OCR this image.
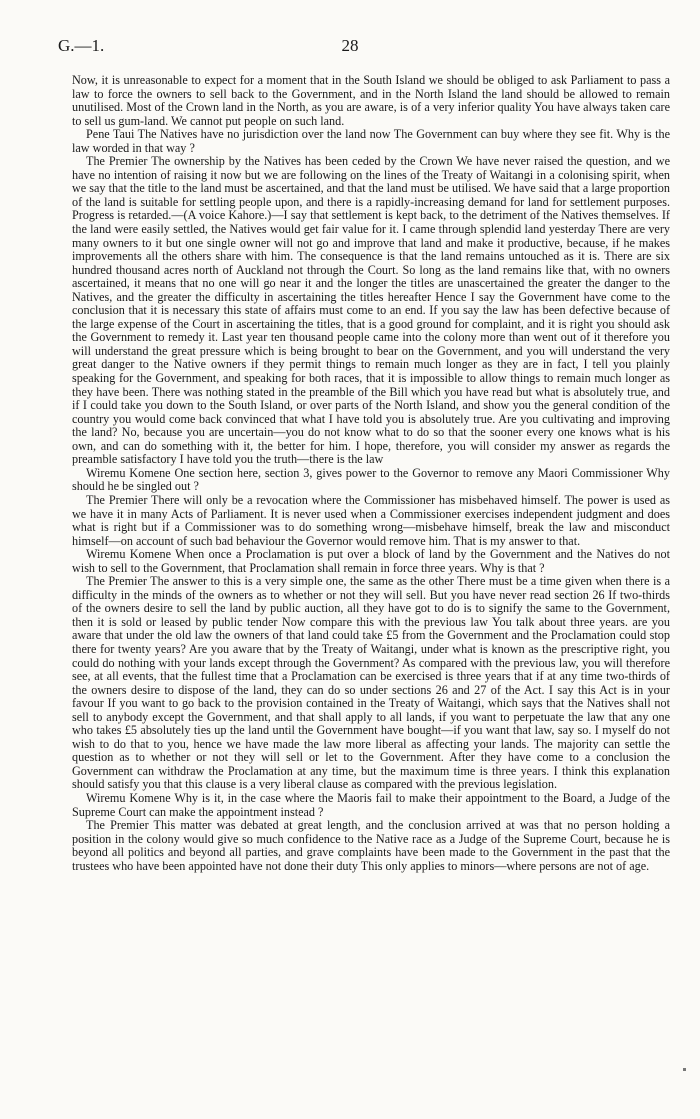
G.—1.	28

Now, it is unreasonable to expect for a moment that in the South Island we should be obliged to ask Parliament to pass a law to force the owners to sell back to the Government, and in the North Island the land should be allowed to remain unutilised. Most of the Crown land in the North, as you are aware, is of a very inferior quality You have always taken care to sell us gum-land. We cannot put people on such land.

Pene Taui The Natives have no jurisdiction over the land now The Government can buy where they see fit. Why is the law worded in that way ?

The Premier The ownership by the Natives has been ceded by the Crown We have never raised the question, and we have no intention of raising it now but we are following on the lines of the Treaty of Waitangi in a colonising spirit, when we say that the title to the land must be ascertained, and that the land must be utilised. We have said that a large proportion of the land is suitable for settling people upon, and there is a rapidly-increasing demand for land for settlement purposes. Progress is retarded.—(A voice Kahore.)—I say that settlement is kept back, to the detriment of the Natives themselves. If the land were easily settled, the Natives would get fair value for it. I came through splendid land yesterday There are very many owners to it but one single owner will not go and improve that land and make it productive, because, if he makes improvements all the others share with him. The consequence is that the land remains untouched as it is. There are six hundred thousand acres north of Auckland not through the Court. So long as the land remains like that, with no owners ascertained, it means that no one will go near it and the longer the titles are unascertained the greater the danger to the Natives, and the greater the difficulty in ascertaining the titles hereafter Hence I say the Government have come to the conclusion that it is necessary this state of affairs must come to an end. If you say the law has been defective because of the large expense of the Court in ascertaining the titles, that is a good ground for complaint, and it is right you should ask the Government to remedy it. Last year ten thousand people came into the colony more than went out of it therefore you will understand the great pressure which is being brought to bear on the Government, and you will understand the very great danger to the Native owners if they permit things to remain much longer as they are in fact, I tell you plainly speaking for the Government, and speaking for both races, that it is impossible to allow things to remain much longer as they have been. There was nothing stated in the preamble of the Bill which you have read but what is absolutely true, and if I could take you down to the South Island, or over parts of the North Island, and show you the general condition of the country you would come back convinced that what I have told you is absolutely true. Are you cultivating and improving the land? No, because you are uncertain—you do not know what to do so that the sooner every one knows what is his own, and can do something with it, the better for him. I hope, therefore, you will consider my answer as regards the preamble satisfactory I have told you the truth—there is the law

Wiremu Komene One section here, section 3, gives power to the Governor to remove any Maori Commissioner Why should he be singled out ?

The Premier There will only be a revocation where the Commissioner has misbehaved himself. The power is used as we have it in many Acts of Parliament. It is never used when a Commissioner exercises independent judgment and does what is right but if a Commissioner was to do something wrong—misbehave himself, break the law and misconduct himself—on account of such bad behaviour the Governor would remove him. That is my answer to that.

Wiremu Komene When once a Proclamation is put over a block of land by the Government and the Natives do not wish to sell to the Government, that Proclamation shall remain in force three years. Why is that ?

The Premier The answer to this is a very simple one, the same as the other There must be a time given when there is a difficulty in the minds of the owners as to whether or not they will sell. But you have never read section 26 If two-thirds of the owners desire to sell the land by public auction, all they have got to do is to signify the same to the Government, then it is sold or leased by public tender Now compare this with the previous law You talk about three years. are you aware that under the old law the owners of that land could take £5 from the Government and the Proclamation could stop there for twenty years? Are you aware that by the Treaty of Waitangi, under what is known as the prescriptive right, you could do nothing with your lands except through the Government? As compared with the previous law, you will therefore see, at all events, that the fullest time that a Proclamation can be exercised is three years that if at any time two-thirds of the owners desire to dispose of the land, they can do so under sections 26 and 27 of the Act. I say this Act is in your favour If you want to go back to the provision contained in the Treaty of Waitangi, which says that the Natives shall not sell to anybody except the Government, and that shall apply to all lands, if you want to perpetuate the law that any one who takes £5 absolutely ties up the land until the Government have bought—if you want that law, say so. I myself do not wish to do that to you, hence we have made the law more liberal as affecting your lands. The majority can settle the question as to whether or not they will sell or let to the Government. After they have come to a conclusion the Government can withdraw the Proclamation at any time, but the maximum time is three years. I think this explanation should satisfy you that this clause is a very liberal clause as compared with the previous legislation.

Wiremu Komene Why is it, in the case where the Maoris fail to make their appointment to the Board, a Judge of the Supreme Court can make the appointment instead ?

The Premier This matter was debated at great length, and the conclusion arrived at was that no person holding a position in the colony would give so much confidence to the Native race as a Judge of the Supreme Court, because he is beyond all politics and beyond all parties, and grave complaints have been made to the Government in the past that the trustees who have been appointed have not done their duty This only applies to minors—where persons are not of age.
